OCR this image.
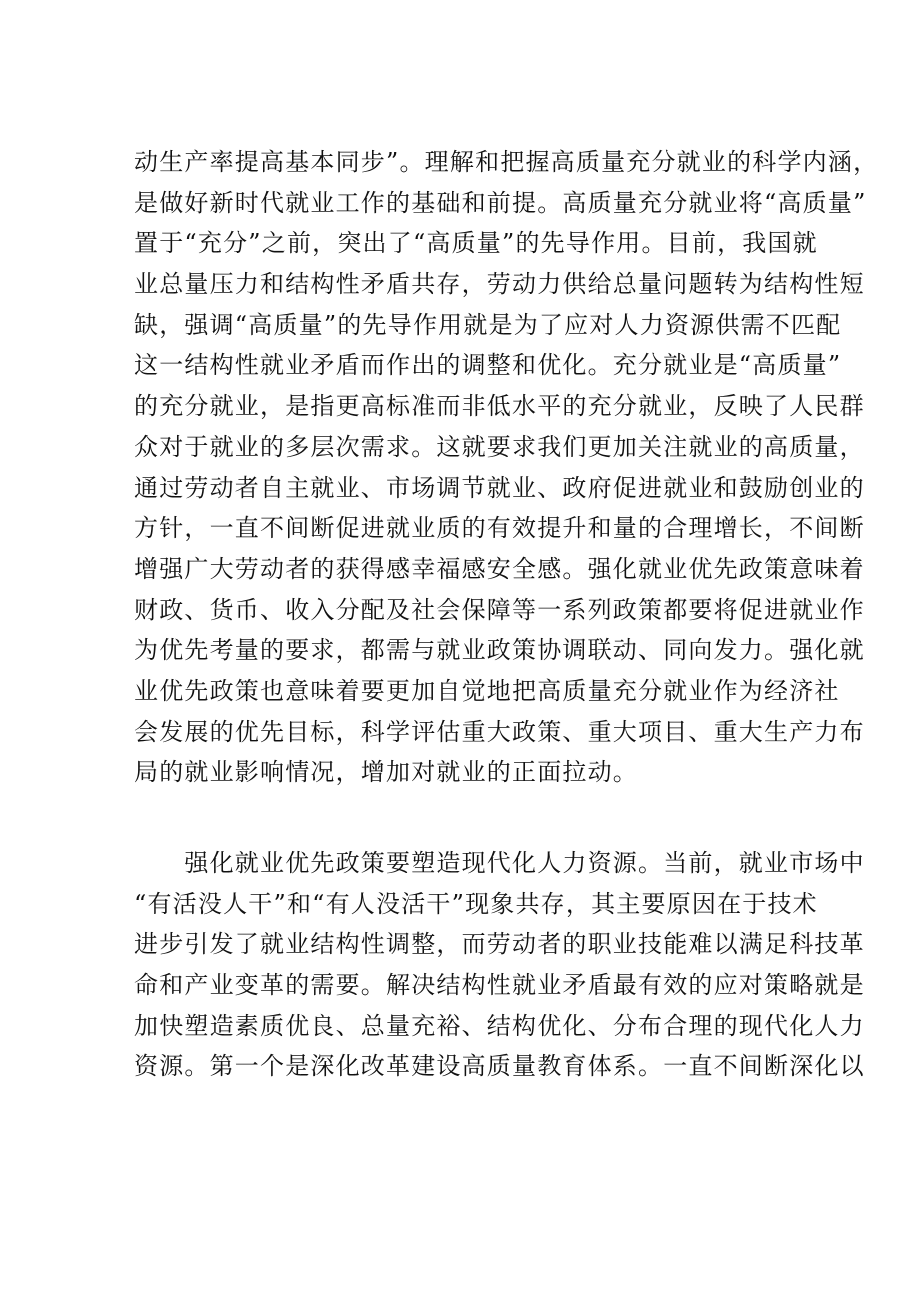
动生产率提高基本同步”。理解和把握高质量充分就业的科学内涵，
是做好新时代就业工作的基础和前提。高质量充分就业将“高质量”
置于“充分”之前，突出了“高质量”的先导作用。目前，我国就
业总量压力和结构性矛盾共存，劳动力供给总量问题转为结构性短
缺，强调“高质量”的先导作用就是为了应对人力资源供需不匹配
这一结构性就业矛盾而作出的调整和优化。充分就业是“高质量”
的充分就业，是指更高标准而非低水平的充分就业，反映了人民群
众对于就业的多层次需求。这就要求我们更加关注就业的高质量，
通过劳动者自主就业、市场调节就业、政府促进就业和鼓励创业的
方针，一直不间断促进就业质的有效提升和量的合理增长，不间断
增强广大劳动者的获得感幸福感安全感。强化就业优先政策意味着
财政、货币、收入分配及社会保障等一系列政策都要将促进就业作
为优先考量的要求，都需与就业政策协调联动、同向发力。强化就
业优先政策也意味着要更加自觉地把高质量充分就业作为经济社
会发展的优先目标，科学评估重大政策、重大项目、重大生产力布
局的就业影响情况，增加对就业的正面拉动。
　　强化就业优先政策要塑造现代化人力资源。当前，就业市场中
“有活没人干”和“有人没活干”现象共存，其主要原因在于技术
进步引发了就业结构性调整，而劳动者的职业技能难以满足科技革
命和产业变革的需要。解决结构性就业矛盾最有效的应对策略就是
加快塑造素质优良、总量充裕、结构优化、分布合理的现代化人力
资源。第一个是深化改革建设高质量教育体系。一直不间断深化以
